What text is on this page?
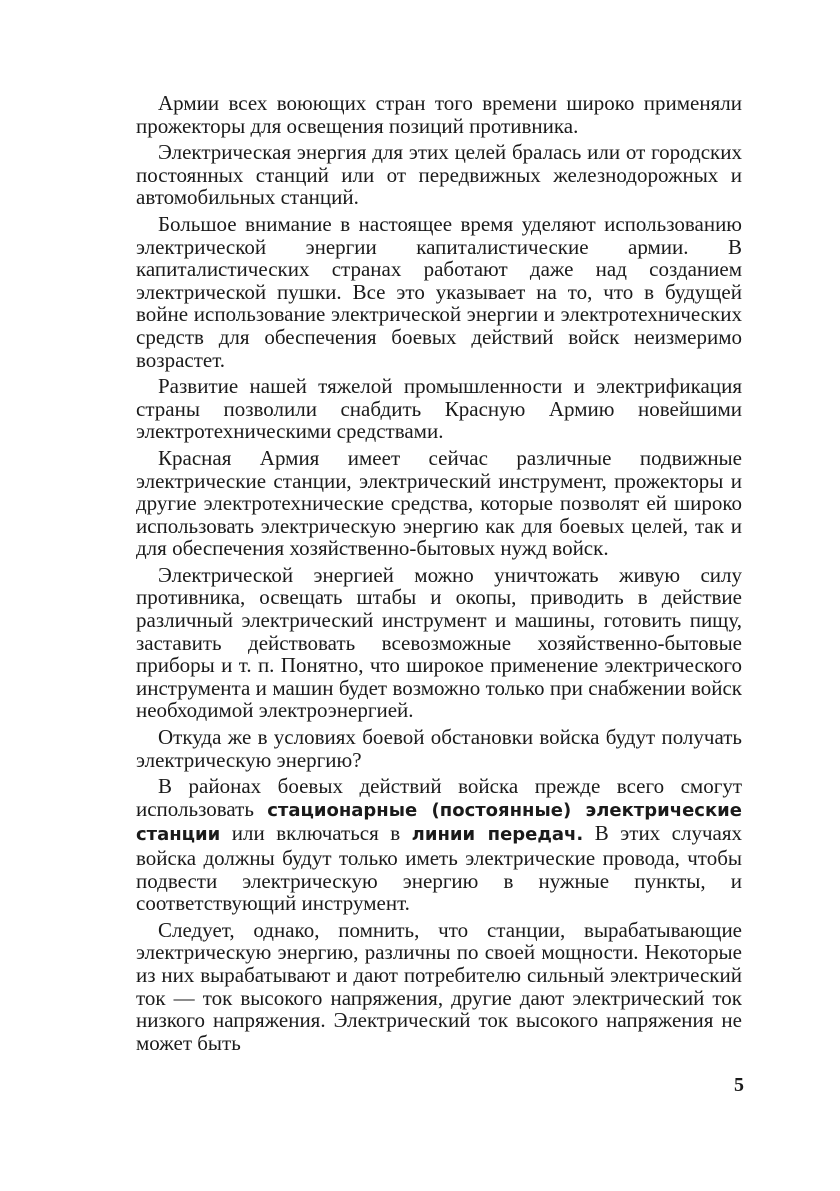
Армии всех воюющих стран того времени широко применяли прожекторы для освещения позиций противника.

Электрическая энергия для этих целей бралась или от городских постоянных станций или от передвижных железнодорожных и автомобильных станций.

Большое внимание в настоящее время уделяют использованию электрической энергии капиталистические армии. В капиталистических странах работают даже над созданием электрической пушки. Все это указывает на то, что в будущей войне использование электрической энергии и электротехнических средств для обеспечения боевых действий войск неизмеримо возрастет.

Развитие нашей тяжелой промышленности и электрификация страны позволили снабдить Красную Армию новейшими электротехническими средствами.

Красная Армия имеет сейчас различные подвижные электрические станции, электрический инструмент, прожекторы и другие электротехнические средства, которые позволят ей широко использовать электрическую энергию как для боевых целей, так и для обеспечения хозяйственно-бытовых нужд войск.

Электрической энергией можно уничтожать живую силу противника, освещать штабы и окопы, приводить в действие различный электрический инструмент и машины, готовить пищу, заставить действовать всевозможные хозяйственно-бытовые приборы и т. п. Понятно, что широкое применение электрического инструмента и машин будет возможно только при снабжении войск необходимой электроэнергией.

Откуда же в условиях боевой обстановки войска будут получать электрическую энергию?

В районах боевых действий войска прежде всего смогут использовать стационарные (постоянные) электрические станции или включаться в линии передач. В этих случаях войска должны будут только иметь электрические провода, чтобы подвести электрическую энергию в нужные пункты, и соответствующий инструмент.

Следует, однако, помнить, что станции, вырабатывающие электрическую энергию, различны по своей мощности. Некоторые из них вырабатывают и дают потребителю сильный электрический ток — ток высокого напряжения, другие дают электрический ток низкого напряжения. Электрический ток высокого напряжения не может быть

5
